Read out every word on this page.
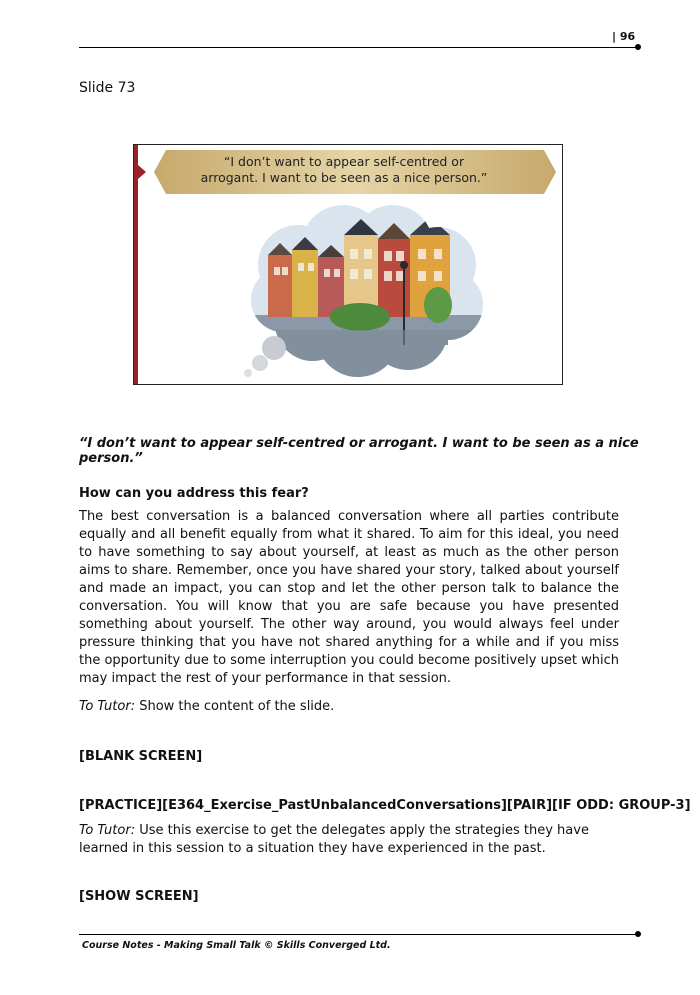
| 96
Slide 73
“I don’t want to appear self-centred or arrogant. I want to be seen as a nice person.”
“I don’t want to appear self-centred or arrogant. I want to be seen as a nice person.”
How can you address this fear?
The best conversation is a balanced conversation where all parties contribute equally and all benefit equally from what it shared. To aim for this ideal, you need to have something to say about yourself, at least as much as the other person aims to share. Remember, once you have shared your story, talked about yourself and made an impact, you can stop and let the other person talk to balance the conversation. You will know that you are safe because you have presented something about yourself. The other way around, you would always feel under pressure thinking that you have not shared anything for a while and if you miss the opportunity due to some interruption you could become positively upset which may impact the rest of your performance in that session.
To Tutor: Show the content of the slide.
[BLANK SCREEN]
[PRACTICE][E364_Exercise_PastUnbalancedConversations][PAIR][IF ODD: GROUP-3]
To Tutor: Use this exercise to get the delegates apply the strategies they have learned in this session to a situation they have experienced in the past.
[SHOW SCREEN]
Course Notes - Making Small Talk © Skills Converged Ltd.
